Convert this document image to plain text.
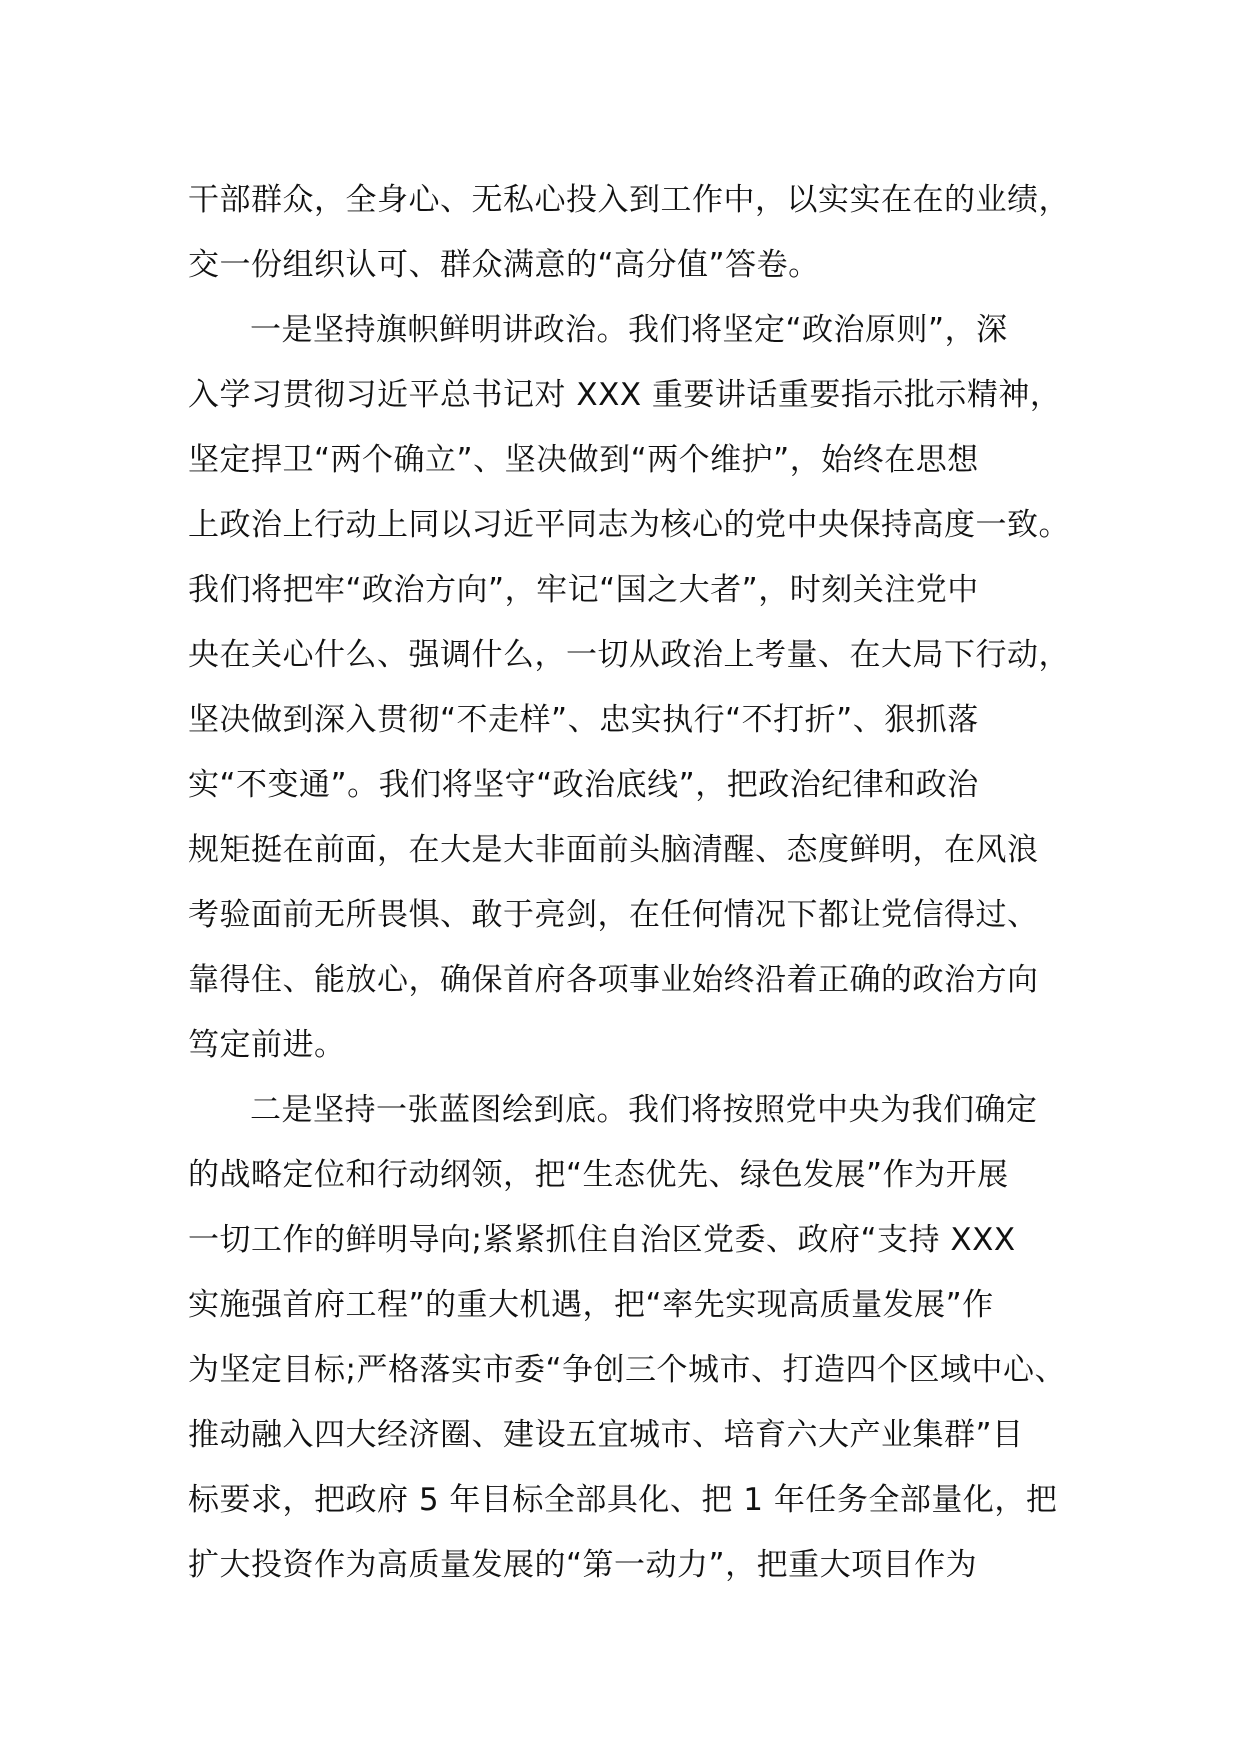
干部群众，全身心、无私心投入到工作中，以实实在在的业绩，
交一份组织认可、群众满意的“高分值”答卷。
一是坚持旗帜鲜明讲政治。我们将坚定“政治原则”，深
入学习贯彻习近平总书记对 XXX 重要讲话重要指示批示精神，
坚定捍卫“两个确立”、坚决做到“两个维护”，始终在思想
上政治上行动上同以习近平同志为核心的党中央保持高度一致。
我们将把牢“政治方向”，牢记“国之大者”，时刻关注党中
央在关心什么、强调什么，一切从政治上考量、在大局下行动，
坚决做到深入贯彻“不走样”、忠实执行“不打折”、狠抓落
实“不变通”。我们将坚守“政治底线”，把政治纪律和政治
规矩挺在前面，在大是大非面前头脑清醒、态度鲜明，在风浪
考验面前无所畏惧、敢于亮剑，在任何情况下都让党信得过、
靠得住、能放心，确保首府各项事业始终沿着正确的政治方向
笃定前进。
二是坚持一张蓝图绘到底。我们将按照党中央为我们确定
的战略定位和行动纲领，把“生态优先、绿色发展”作为开展
一切工作的鲜明导向;紧紧抓住自治区党委、政府“支持 XXX
实施强首府工程”的重大机遇，把“率先实现高质量发展”作
为坚定目标;严格落实市委“争创三个城市、打造四个区域中心、
推动融入四大经济圈、建设五宜城市、培育六大产业集群”目
标要求，把政府 5 年目标全部具化、把 1 年任务全部量化，把
扩大投资作为高质量发展的“第一动力”，把重大项目作为
